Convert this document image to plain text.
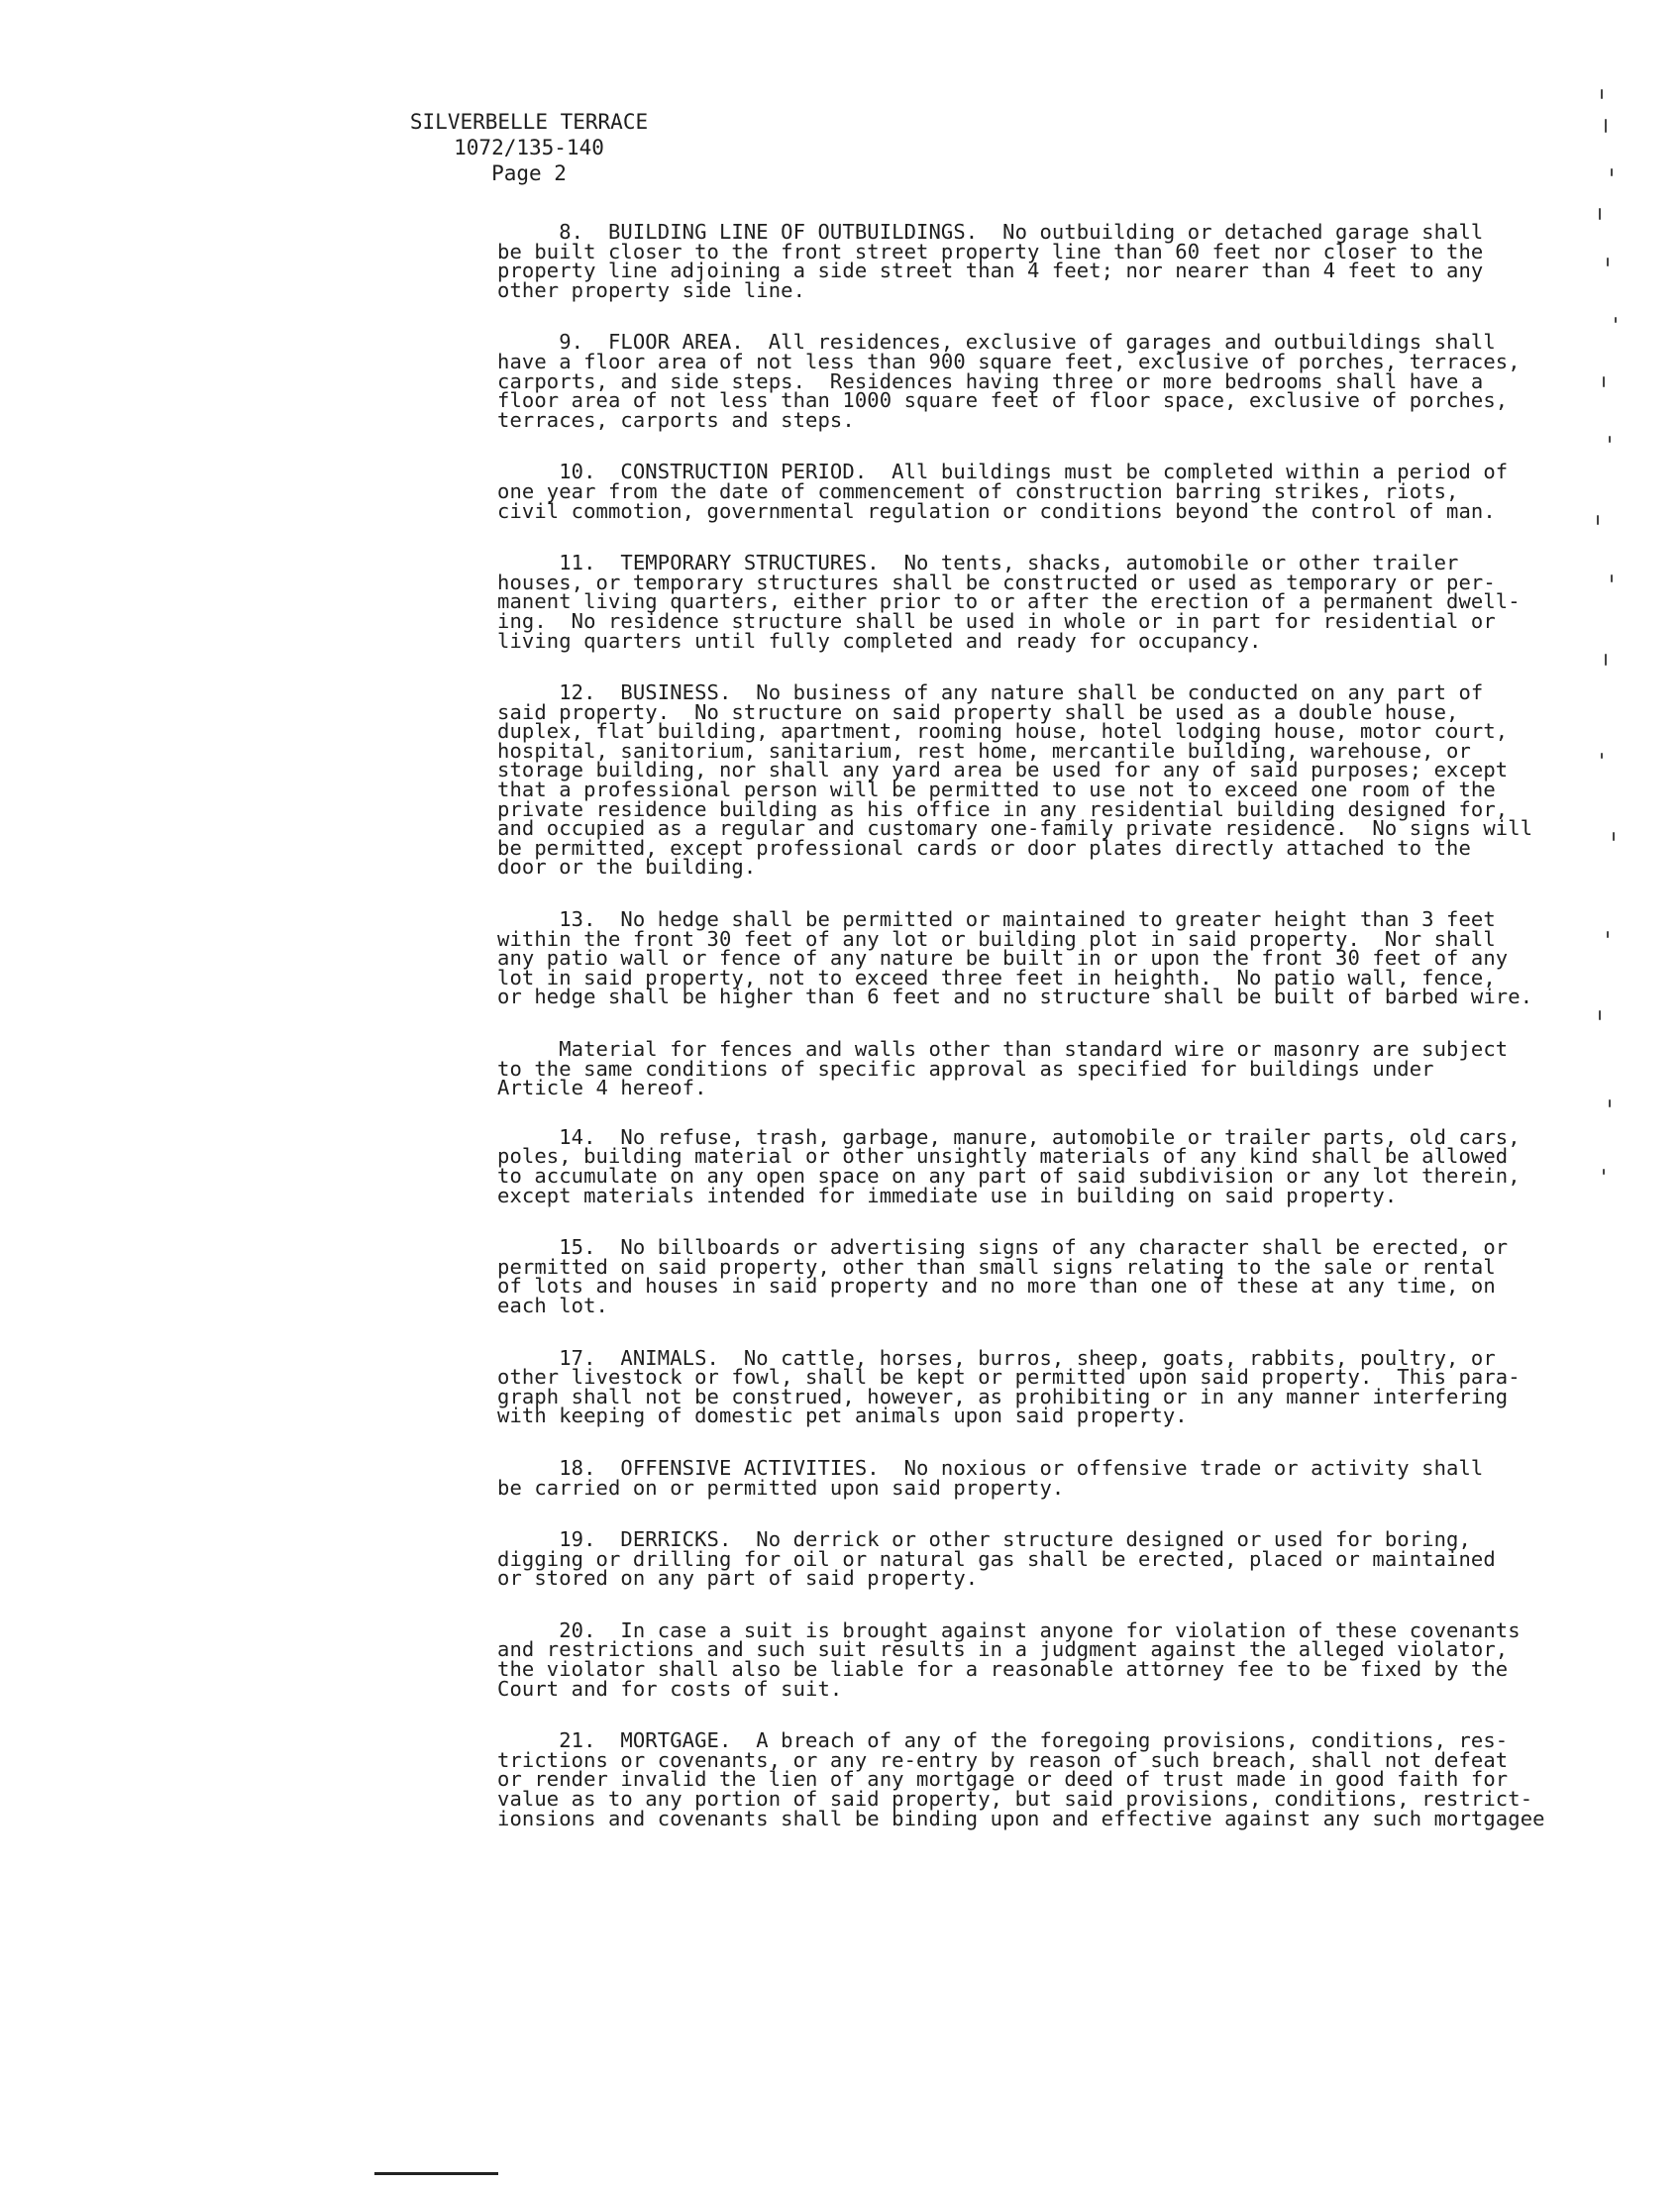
SILVERBELLE TERRACE
1072/135-140
Page 2
8.  BUILDING LINE OF OUTBUILDINGS.  No outbuilding or detached garage shall
be built closer to the front street property line than 60 feet nor closer to the
property line adjoining a side street than 4 feet; nor nearer than 4 feet to any
other property side line.
9.  FLOOR AREA.  All residences, exclusive of garages and outbuildings shall
have a floor area of not less than 900 square feet, exclusive of porches, terraces,
carports, and side steps.  Residences having three or more bedrooms shall have a
floor area of not less than 1000 square feet of floor space, exclusive of porches,
terraces, carports and steps.
10.  CONSTRUCTION PERIOD.  All buildings must be completed within a period of
one year from the date of commencement of construction barring strikes, riots,
civil commotion, governmental regulation or conditions beyond the control of man.
11.  TEMPORARY STRUCTURES.  No tents, shacks, automobile or other trailer
houses, or temporary structures shall be constructed or used as temporary or per-
manent living quarters, either prior to or after the erection of a permanent dwell-
ing.  No residence structure shall be used in whole or in part for residential or
living quarters until fully completed and ready for occupancy.
12.  BUSINESS.  No business of any nature shall be conducted on any part of
said property.  No structure on said property shall be used as a double house,
duplex, flat building, apartment, rooming house, hotel lodging house, motor court,
hospital, sanitorium, sanitarium, rest home, mercantile building, warehouse, or
storage building, nor shall any yard area be used for any of said purposes; except
that a professional person will be permitted to use not to exceed one room of the
private residence building as his office in any residential building designed for,
and occupied as a regular and customary one-family private residence.  No signs will
be permitted, except professional cards or door plates directly attached to the
door or the building.
13.  No hedge shall be permitted or maintained to greater height than 3 feet
within the front 30 feet of any lot or building plot in said property.  Nor shall
any patio wall or fence of any nature be built in or upon the front 30 feet of any
lot in said property, not to exceed three feet in heighth.  No patio wall, fence,
or hedge shall be higher than 6 feet and no structure shall be built of barbed wire.
Material for fences and walls other than standard wire or masonry are subject
to the same conditions of specific approval as specified for buildings under
Article 4 hereof.
14.  No refuse, trash, garbage, manure, automobile or trailer parts, old cars,
poles, building material or other unsightly materials of any kind shall be allowed
to accumulate on any open space on any part of said subdivision or any lot therein,
except materials intended for immediate use in building on said property.
15.  No billboards or advertising signs of any character shall be erected, or
permitted on said property, other than small signs relating to the sale or rental
of lots and houses in said property and no more than one of these at any time, on
each lot.
17.  ANIMALS.  No cattle, horses, burros, sheep, goats, rabbits, poultry, or
other livestock or fowl, shall be kept or permitted upon said property.  This para-
graph shall not be construed, however, as prohibiting or in any manner interfering
with keeping of domestic pet animals upon said property.
18.  OFFENSIVE ACTIVITIES.  No noxious or offensive trade or activity shall
be carried on or permitted upon said property.
19.  DERRICKS.  No derrick or other structure designed or used for boring,
digging or drilling for oil or natural gas shall be erected, placed or maintained
or stored on any part of said property.
20.  In case a suit is brought against anyone for violation of these covenants
and restrictions and such suit results in a judgment against the alleged violator,
the violator shall also be liable for a reasonable attorney fee to be fixed by the
Court and for costs of suit.
21.  MORTGAGE.  A breach of any of the foregoing provisions, conditions, res-
trictions or covenants, or any re-entry by reason of such breach, shall not defeat
or render invalid the lien of any mortgage or deed of trust made in good faith for
value as to any portion of said property, but said provisions, conditions, restrict-
ionsions and covenants shall be binding upon and effective against any such mortgagee
